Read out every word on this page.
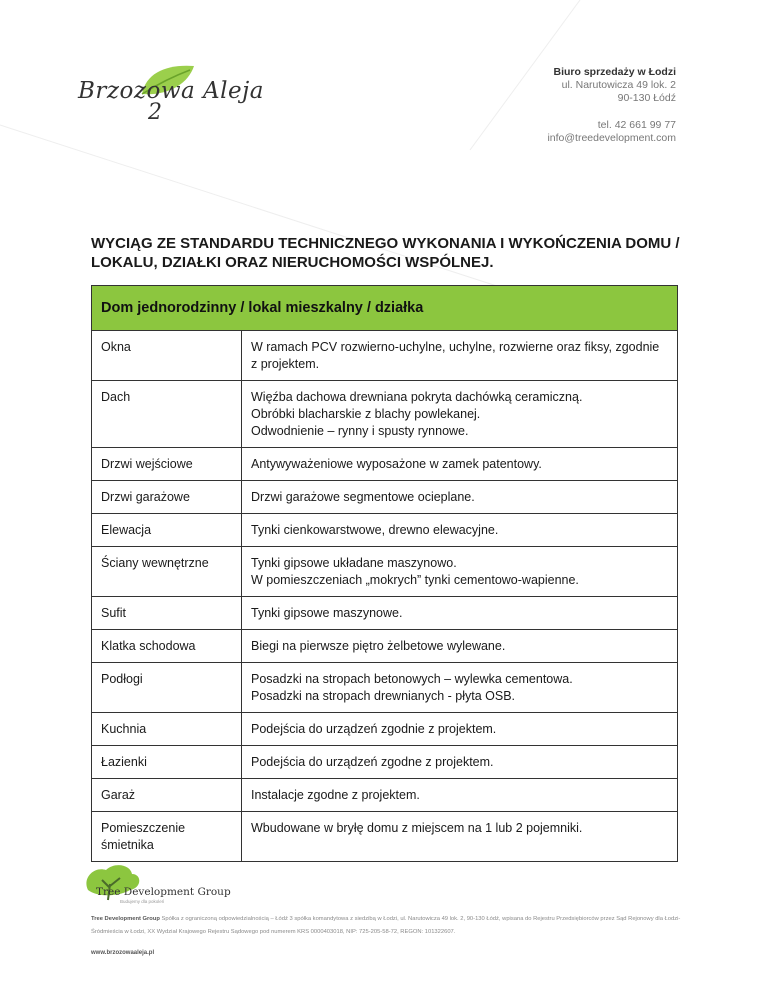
Brzozowa Aleja
2
Biuro sprzedaży w Łodzi
ul. Narutowicza 49 lok. 2
90-130 Łódź
tel. 42 661 99 77
info@treedevelopment.com
WYCIĄG ZE STANDARDU TECHNICZNEGO WYKONANIA I WYKOŃCZENIA DOMU / LOKALU, DZIAŁKI ORAZ NIERUCHOMOŚCI WSPÓLNEJ.
Dom jednorodzinny / lokal mieszkalny / działka	
Okna	W ramach PCV rozwierno-uchylne, uchylne, rozwierne oraz fiksy, zgodnie z projektem.

Dach	Więźba dachowa drewniana pokryta dachówką ceramiczną.
Obróbki blacharskie z blachy powlekanej.
Odwodnienie – rynny i spusty rynnowe.

Drzwi wejściowe	Antywyważeniowe wyposażone w zamek patentowy.

Drzwi garażowe	Drzwi garażowe segmentowe ocieplane.

Elewacja	Tynki cienkowarstwowe, drewno elewacyjne.

Ściany wewnętrzne	Tynki gipsowe układane maszynowo.
W pomieszczeniach „mokrych” tynki cementowo-wapienne.

Sufit	Tynki gipsowe maszynowe.

Klatka schodowa	Biegi na pierwsze piętro żelbetowe wylewane.

Podłogi	Posadzki na stropach betonowych – wylewka cementowa.
Posadzki na stropach drewnianych - płyta OSB.

Kuchnia	Podejścia do urządzeń zgodnie z projektem.

Łazienki	Podejścia do urządzeń zgodne z projektem.

Garaż	Instalacje zgodne z projektem.

Pomieszczenie śmietnika	Wbudowane w bryłę domu z miejscem na 1 lub 2 pojemniki.
Tree Development Group
Budujemy dla pokoleń
Tree Development Group Spółka z ograniczoną odpowiedzialnością – Łódź 3 spółka komandytowa z siedzibą w Łodzi, ul. Narutowicza 49 lok. 2, 90-130 Łódź, wpisana do Rejestru Przedsiębiorców przez Sąd Rejonowy dla Łodzi-Śródmieścia w Łodzi, XX Wydział Krajowego Rejestru Sądowego pod numerem KRS 0000403018, NIP: 725-205-58-72, REGON: 101322607.
www.brzozowaaleja.pl
